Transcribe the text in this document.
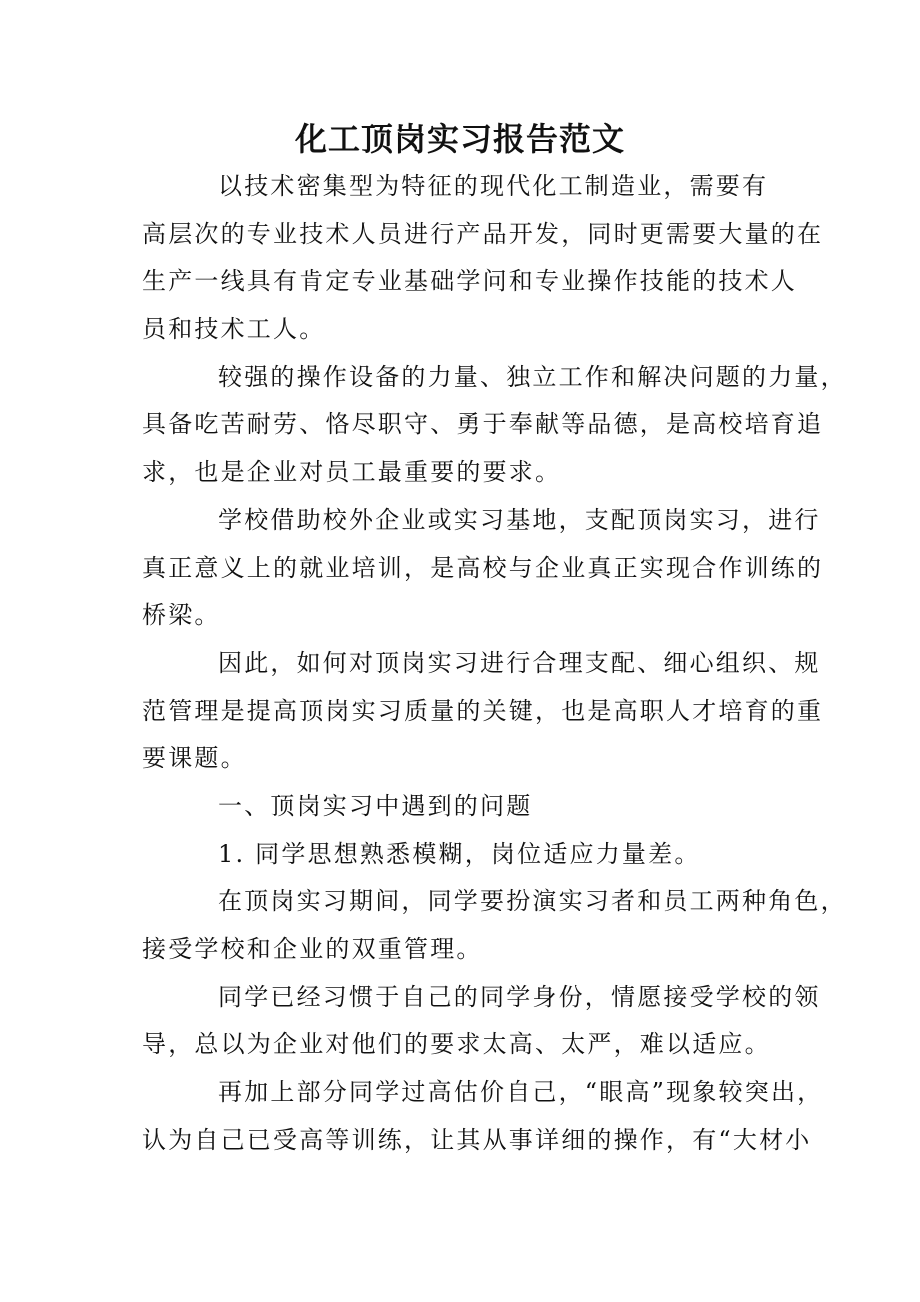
化工顶岗实习报告范文
以技术密集型为特征的现代化工制造业，需要有
高层次的专业技术人员进行产品开发，同时更需要大量的在
生产一线具有肯定专业基础学问和专业操作技能的技术人
员和技术工人。
较强的操作设备的力量、独立工作和解决问题的力量，
具备吃苦耐劳、恪尽职守、勇于奉献等品德，是高校培育追
求，也是企业对员工最重要的要求。
学校借助校外企业或实习基地，支配顶岗实习，进行
真正意义上的就业培训，是高校与企业真正实现合作训练的
桥梁。
因此，如何对顶岗实习进行合理支配、细心组织、规
范管理是提高顶岗实习质量的关键，也是高职人才培育的重
要课题。
一、顶岗实习中遇到的问题
1. 同学思想熟悉模糊，岗位适应力量差。
在顶岗实习期间，同学要扮演实习者和员工两种角色，
接受学校和企业的双重管理。
同学已经习惯于自己的同学身份，情愿接受学校的领
导，总以为企业对他们的要求太高、太严，难以适应。
再加上部分同学过高估价自己，“眼高”现象较突出，
认为自己已受高等训练，让其从事详细的操作，有“大材小
